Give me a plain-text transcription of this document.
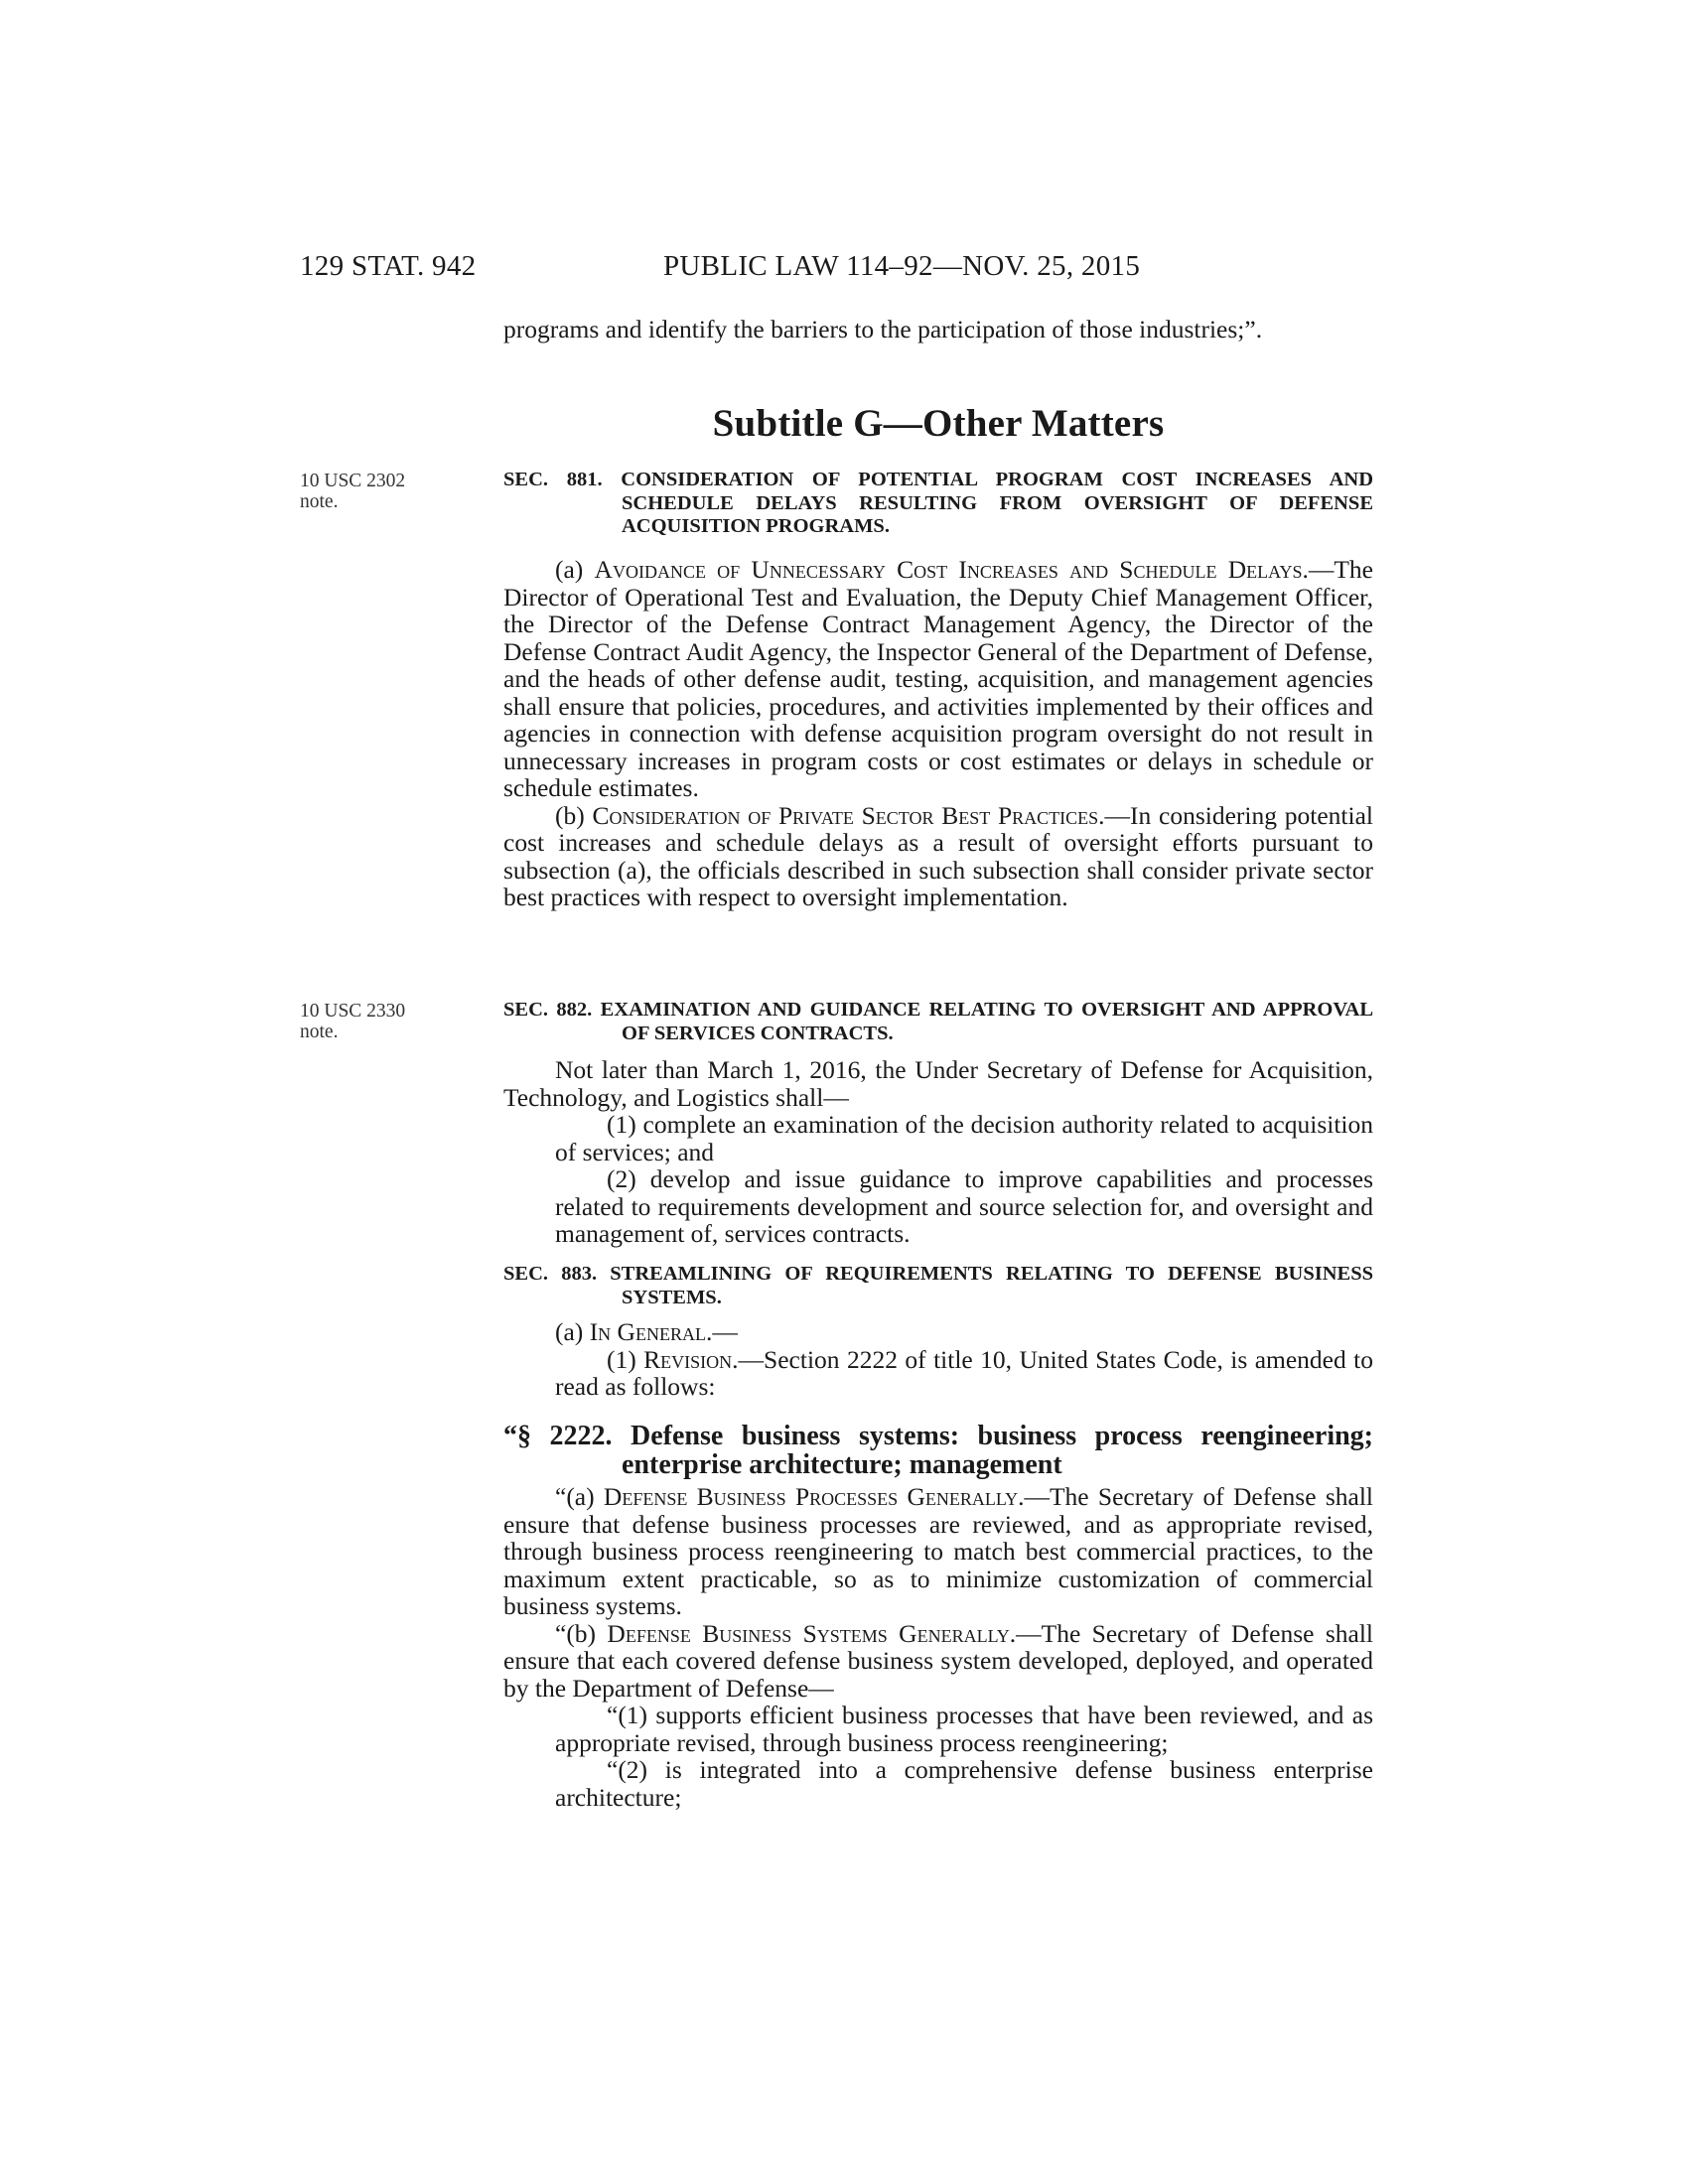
129 STAT. 942	PUBLIC LAW 114–92—NOV. 25, 2015

programs and identify the barriers to the participation of those industries;”.

Subtitle G—Other Matters
10 USC 2302
note.
SEC. 881. CONSIDERATION OF POTENTIAL PROGRAM COST INCREASES AND SCHEDULE DELAYS RESULTING FROM OVERSIGHT OF DEFENSE ACQUISITION PROGRAMS.

(a) Avoidance of Unnecessary Cost Increases and Schedule Delays.—The Director of Operational Test and Evaluation, the Deputy Chief Management Officer, the Director of the Defense Contract Management Agency, the Director of the Defense Contract Audit Agency, the Inspector General of the Department of Defense, and the heads of other defense audit, testing, acquisition, and management agencies shall ensure that policies, procedures, and activities implemented by their offices and agencies in connection with defense acquisition program oversight do not result in unnecessary increases in program costs or cost estimates or delays in schedule or schedule estimates.

(b) Consideration of Private Sector Best Practices.—In considering potential cost increases and schedule delays as a result of oversight efforts pursuant to subsection (a), the officials described in such subsection shall consider private sector best practices with respect to oversight implementation.

10 USC 2330
note.
SEC. 882. EXAMINATION AND GUIDANCE RELATING TO OVERSIGHT AND APPROVAL OF SERVICES CONTRACTS.

Not later than March 1, 2016, the Under Secretary of Defense for Acquisition, Technology, and Logistics shall—

(1) complete an examination of the decision authority related to acquisition of services; and

(2) develop and issue guidance to improve capabilities and processes related to requirements development and source selection for, and oversight and management of, services contracts.

SEC. 883. STREAMLINING OF REQUIREMENTS RELATING TO DEFENSE BUSINESS SYSTEMS.

(a) In General.—

(1) Revision.—Section 2222 of title 10, United States Code, is amended to read as follows:

“§ 2222. Defense business systems: business process reengineering; enterprise architecture; management

“(a) Defense Business Processes Generally.—The Secretary of Defense shall ensure that defense business processes are reviewed, and as appropriate revised, through business process reengineering to match best commercial practices, to the maximum extent practicable, so as to minimize customization of commercial business systems.

“(b) Defense Business Systems Generally.—The Secretary of Defense shall ensure that each covered defense business system developed, deployed, and operated by the Department of Defense—

“(1) supports efficient business processes that have been reviewed, and as appropriate revised, through business process reengineering;

“(2) is integrated into a comprehensive defense business enterprise architecture;
